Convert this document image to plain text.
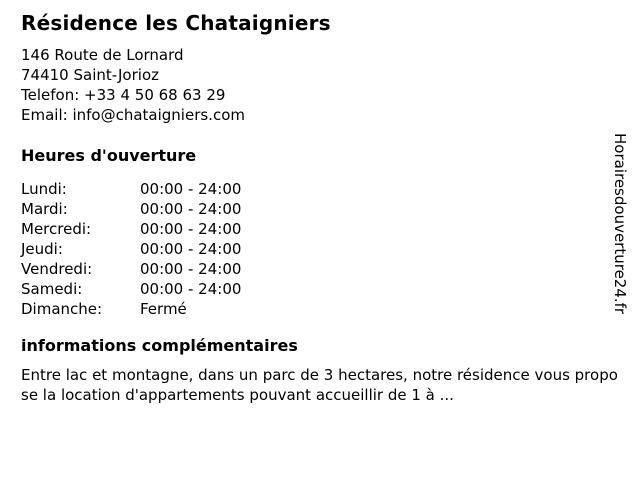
Résidence les Chataigniers
146 Route de Lornard
74410 Saint-Jorioz
Telefon: +33 4 50 68 63 29
Email: info@chataigniers.com
Heures d'ouverture
Lundi:	00:00 - 24:00
Mardi:	00:00 - 24:00
Mercredi:	00:00 - 24:00
Jeudi:	00:00 - 24:00
Vendredi:	00:00 - 24:00
Samedi:	00:00 - 24:00
Dimanche:	Fermé
informations complémentaires
Entre lac et montagne, dans un parc de 3 hectares, notre résidence vous propose la location d'appartements pouvant accueillir de 1 à ...
Horairesdouverture24.fr
